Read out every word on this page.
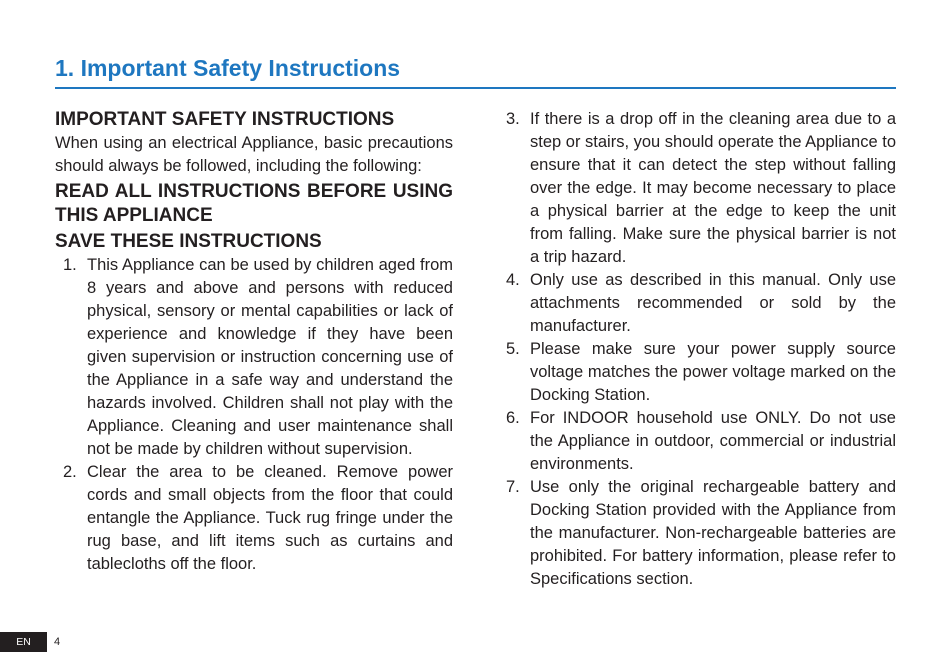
1. Important Safety Instructions
IMPORTANT SAFETY INSTRUCTIONS
When using an electrical Appliance, basic precautions should always be followed, including the following:
READ ALL INSTRUCTIONS BEFORE USING THIS APPLIANCE
SAVE THESE INSTRUCTIONS
1. This Appliance can be used by children aged from 8 years and above and persons with reduced physical, sensory or mental capabilities or lack of experience and knowledge if they have been given supervision or instruction concerning use of the Appliance in a safe way and understand the hazards involved. Children shall not play with the Appliance. Cleaning and user maintenance shall not be made by children without supervision.
2. Clear the area to be cleaned. Remove power cords and small objects from the floor that could entangle the Appliance. Tuck rug fringe under the rug base, and lift items such as curtains and tablecloths off the floor.
3. If there is a drop off in the cleaning area due to a step or stairs, you should operate the Appliance to ensure that it can detect the step without falling over the edge. It may become necessary to place a physical barrier at the edge to keep the unit from falling. Make sure the physical barrier is not a trip hazard.
4. Only use as described in this manual. Only use attachments recommended or sold by the manufacturer.
5. Please make sure your power supply source voltage matches the power voltage marked on the Docking Station.
6. For INDOOR household use ONLY. Do not use the Appliance in outdoor, commercial or industrial environments.
7. Use only the original rechargeable battery and Docking Station provided with the Appliance from the manufacturer. Non-rechargeable batteries are prohibited. For battery information, please refer to Specifications section.
EN	4
